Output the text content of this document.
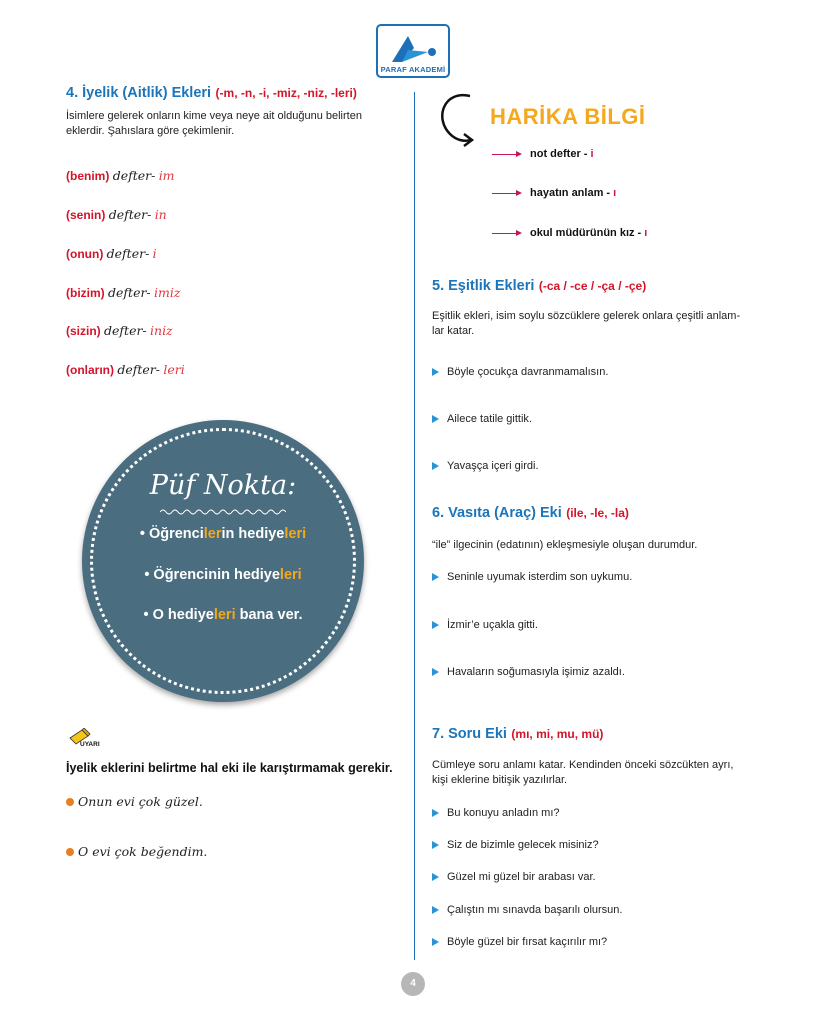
PARAF AKADEMİ
4. İyelik (Aitlik) Ekleri (-m, -n, -i, -miz, -niz, -leri)
İsimlere gelerek onların kime veya neye ait olduğunu belirten
eklerdir. Şahıslara göre çekimlenir.
(benim) defter- im
(senin) defter- in
(onun) defter- i
(bizim) defter- imiz
(sizin) defter- iniz
(onların) defter- leri
Püf Nokta:
• Öğrencilerin hediyeleri
• Öğrencinin hediyeleri
• O hediyeleri bana ver.
UYARI
İyelik eklerini belirtme hal eki ile karıştırmamak gerekir.
Onun evi çok güzel.
O evi çok beğendim.
HARİKA BİLGİ
not defter - i
hayatın anlam - ı
okul müdürünün kız - ı
5. Eşitlik Ekleri (-ca / -ce / -ça / -çe)
Eşitlik ekleri, isim soylu sözcüklere gelerek onlara çeşitli anlam-
lar katar.
Böyle çocukça davranmamalısın.
Ailece tatile gittik.
Yavaşça içeri girdi.
6. Vasıta (Araç) Eki (ile, -le, -la)
“ile” ilgecinin (edatının) ekleşmesiyle oluşan durumdur.
Seninle uyumak isterdim son uykumu.
İzmir’e uçakla gitti.
Havaların soğumasıyla işimiz azaldı.
7. Soru Eki (mı, mi, mu, mü)
Cümleye soru anlamı katar. Kendinden önceki sözcükten ayrı,
kişi eklerine bitişik yazılırlar.
Bu konuyu anladın mı?
Siz de bizimle gelecek misiniz?
Güzel mi güzel bir arabası var.
Çalıştın mı sınavda başarılı olursun.
Böyle güzel bir fırsat kaçırılır mı?
4
